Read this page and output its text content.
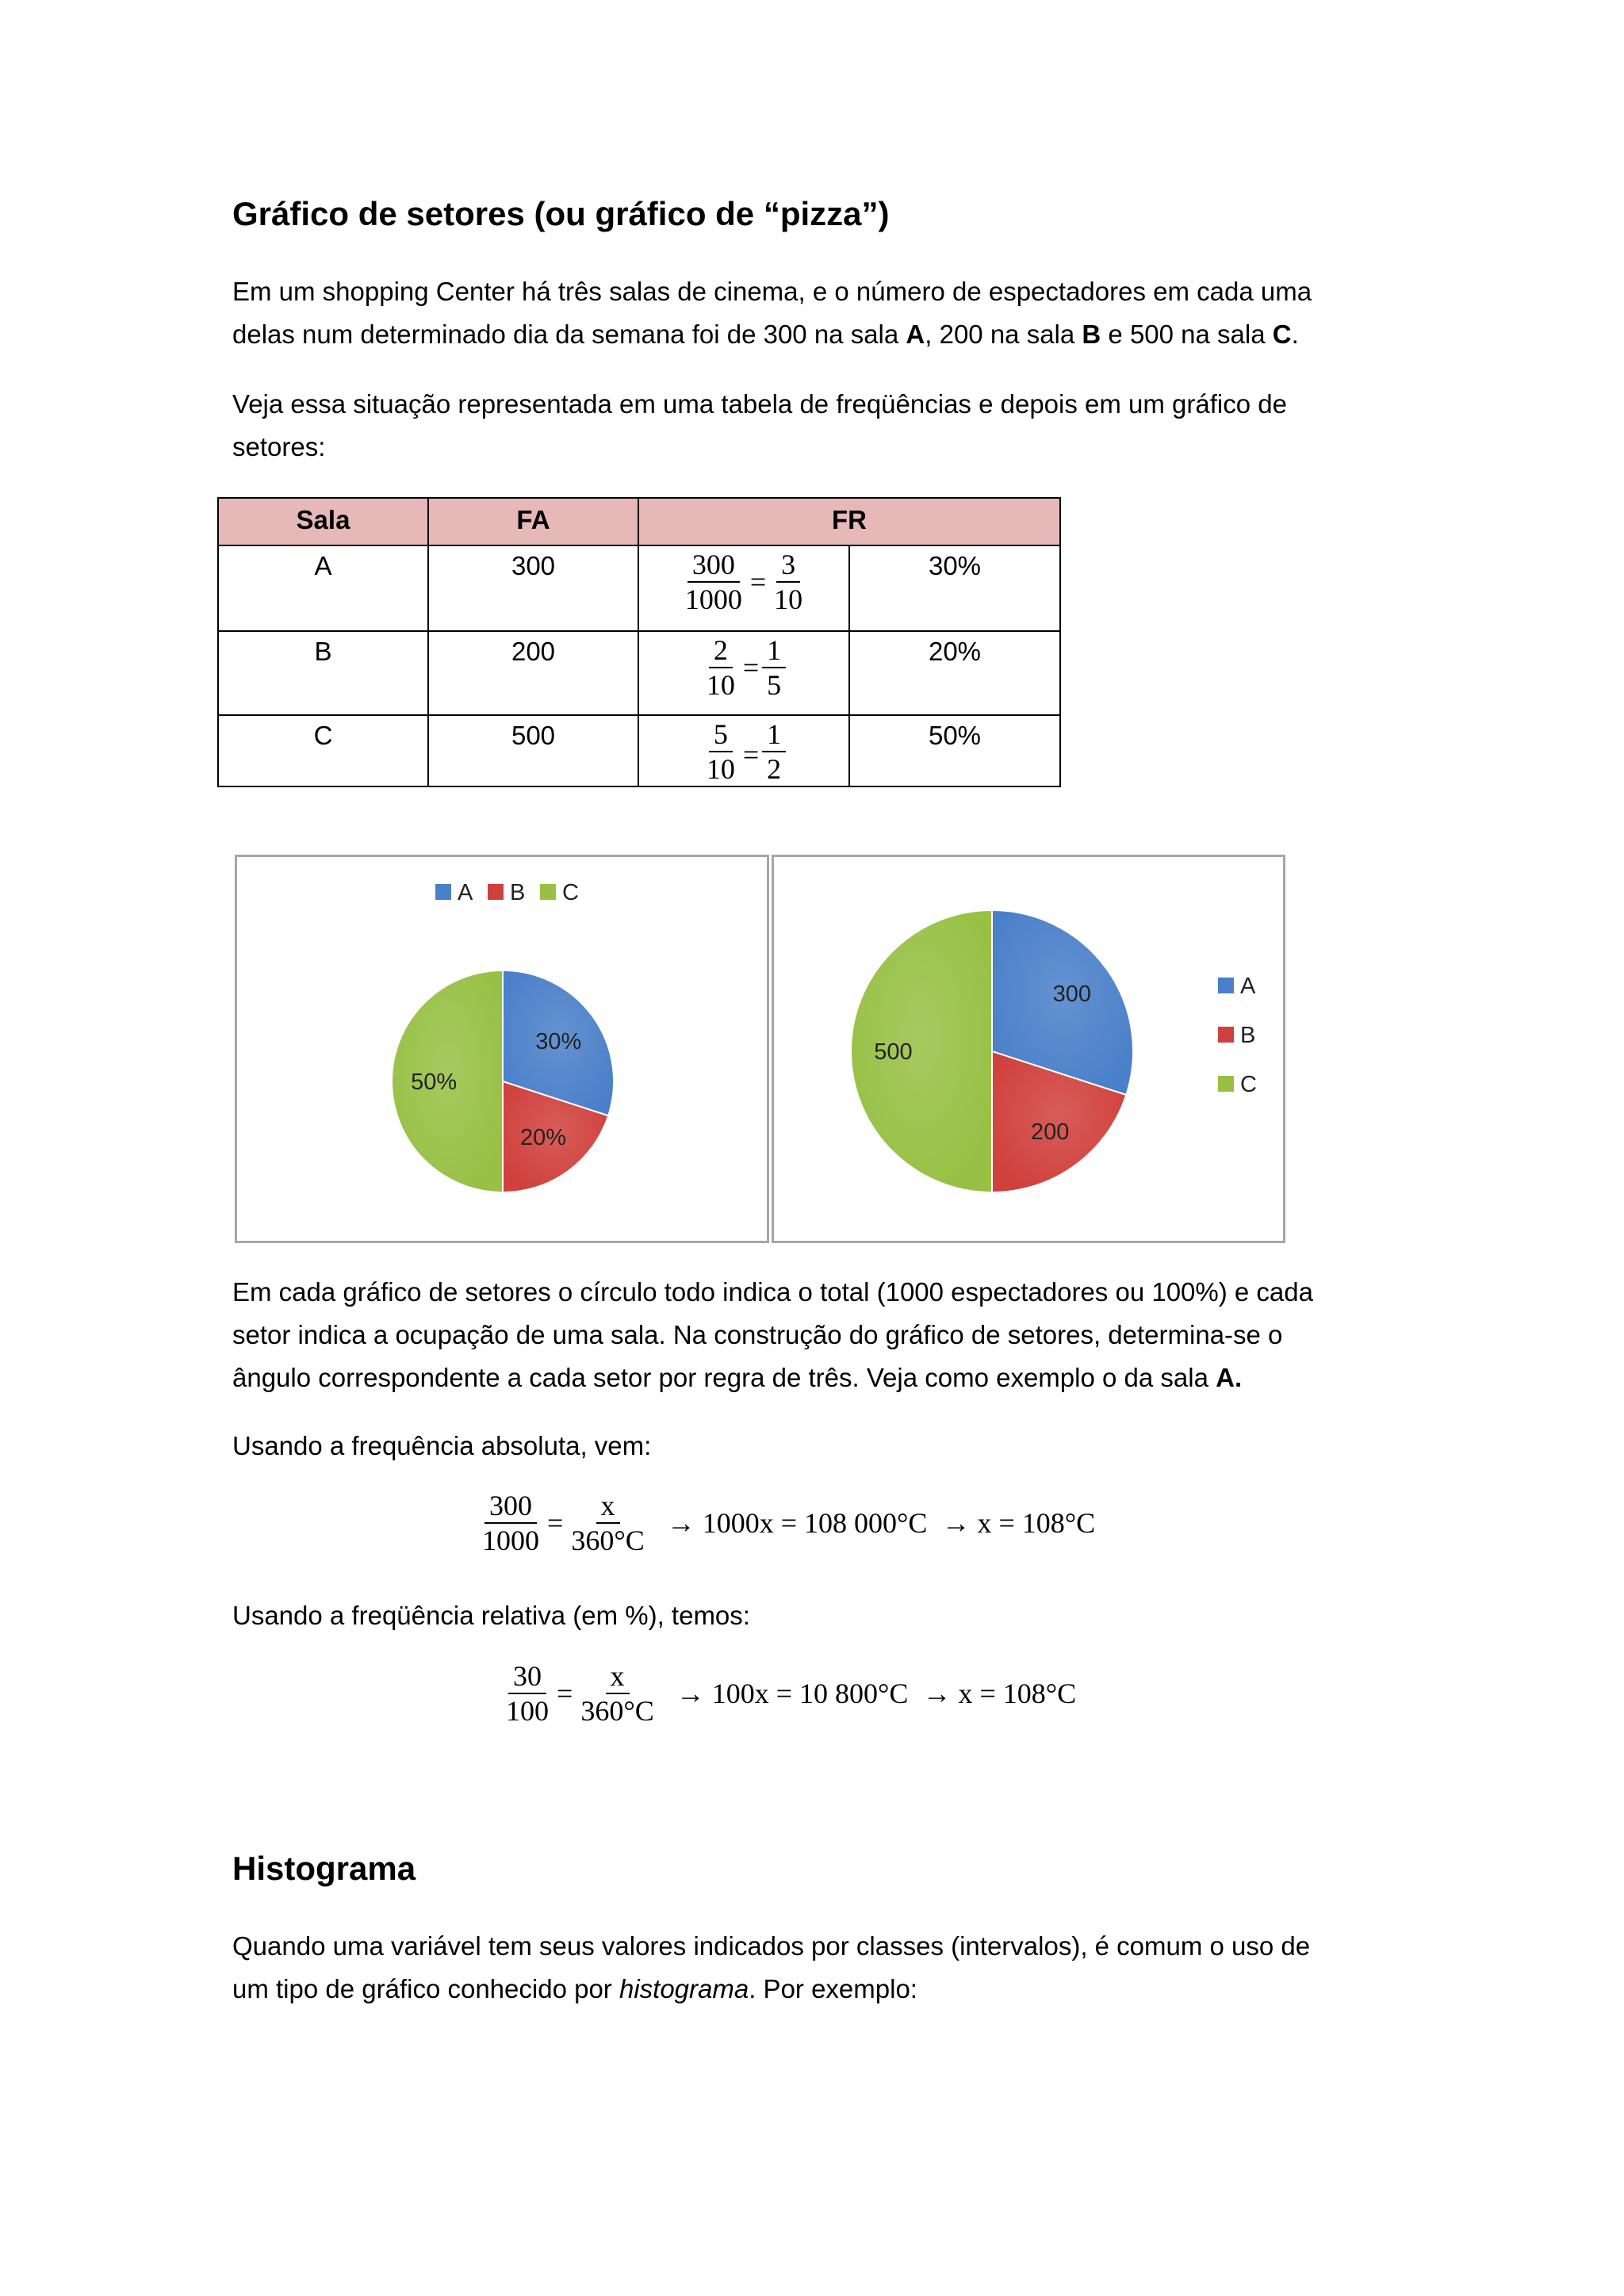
Gráfico de setores (ou gráfico de “pizza”)

Em um shopping Center há três salas de cinema, e o número de espectadores em cada uma
delas num determinado dia da semana foi de 300 na sala A, 200 na sala B e 500 na sala C.

Veja essa situação representada em uma tabela de freqüências e depois em um gráfico de
setores:

Sala	FA	FR	
A	300	$\frac{300}{1000} = \frac{3}{10}$	30%
B	200	$\frac{2}{10} = \frac{1}{5}$	20%
C	500	$\frac{5}{10} = \frac{1}{2}$	50%
30%
20%
50%
A B C
300
200
500
A
B
C

Em cada gráfico de setores o círculo todo indica o total (1000 espectadores ou 100%) e cada
setor indica a ocupação de uma sala. Na construção do gráfico de setores, determina-se o
ângulo correspondente a cada setor por regra de três. Veja como exemplo o da sala A.

Usando a frequência absoluta, vem:

$\frac{300}{1000} = \frac{x}{360^\circ C} \to 1000x = 108$ 000°C  → x = 108°C

Usando a freqüência relativa (em %), temos:

$\frac{30}{100} = \frac{x}{360^\circ C} \to 100x = 10$ 800°C  → x = 108°C
Histograma

Quando uma variável tem seus valores indicados por classes (intervalos), é comum o uso de
um tipo de gráfico conhecido por histograma. Por exemplo:
